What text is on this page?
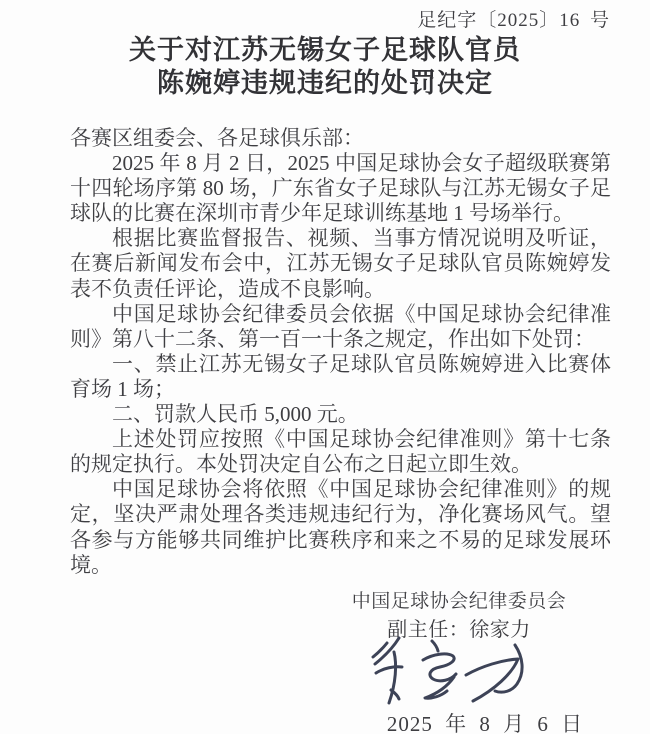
足纪字〔2025〕16 号
关于对江苏无锡女子足球队官员
陈婉婷违规违纪的处罚决定

各赛区组委会、各足球俱乐部：

2025 年 8 月 2 日，2025 中国足球协会女子超级联赛第十四轮场序第 80 场，广东省女子足球队与江苏无锡女子足球队的比赛在深圳市青少年足球训练基地 1 号场举行。

根据比赛监督报告、视频、当事方情况说明及听证，在赛后新闻发布会中，江苏无锡女子足球队官员陈婉婷发表不负责任评论，造成不良影响。

中国足球协会纪律委员会依据《中国足球协会纪律准则》第八十二条、第一百一十条之规定，作出如下处罚：

一、禁止江苏无锡女子足球队官员陈婉婷进入比赛体育场 1 场；

二、罚款人民币 5,000 元。

上述处罚应按照《中国足球协会纪律准则》第十七条的规定执行。本处罚决定自公布之日起立即生效。

中国足球协会将依照《中国足球协会纪律准则》的规定，坚决严肃处理各类违规违纪行为，净化赛场风气。望各参与方能够共同维护比赛秩序和来之不易的足球发展环境。

中国足球协会纪律委员会
副主任：徐家力
2025 年 8 月 6 日
